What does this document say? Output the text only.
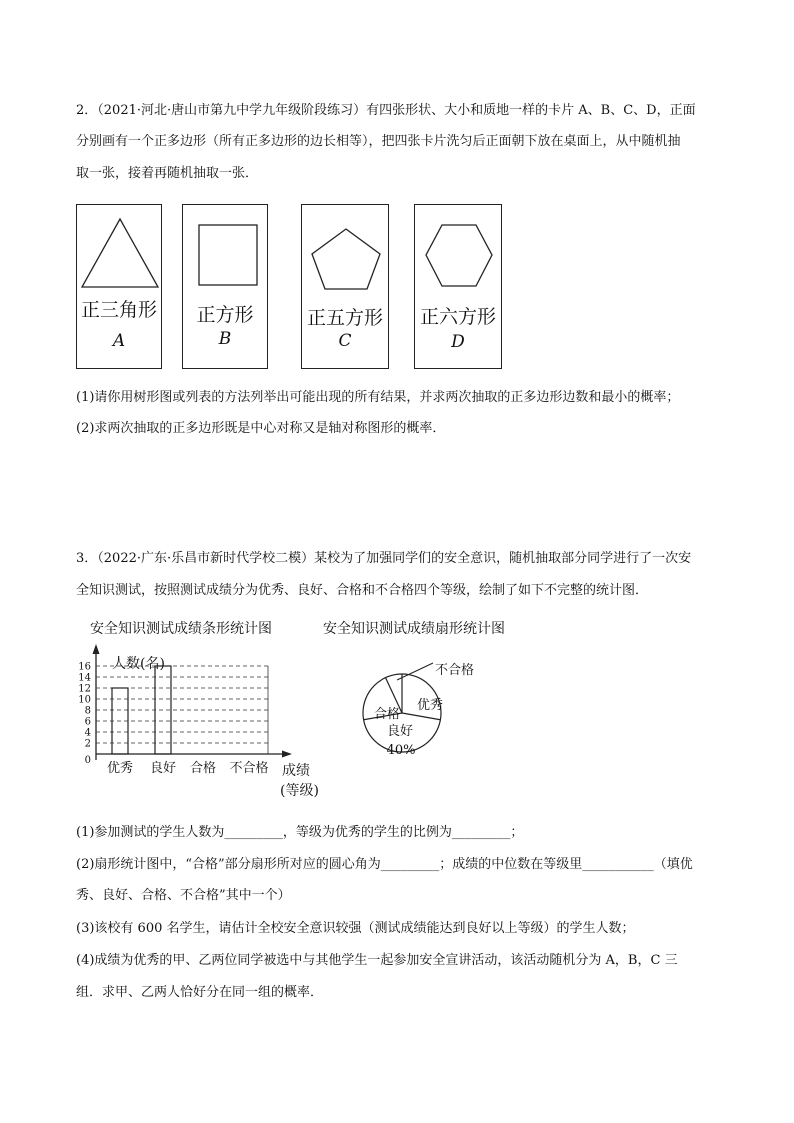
2．（2021·河北·唐山市第九中学九年级阶段练习）有四张形状、大小和质地一样的卡片 A、B、C、D，正面
分别画有一个正多边形（所有正多边形的边长相等），把四张卡片洗匀后正面朝下放在桌面上，从中随机抽
取一张，接着再随机抽取一张．
正三角形
A
正方形
B
正五方形
C
正六方形
D
(1)请你用树形图或列表的方法列举出可能出现的所有结果，并求两次抽取的正多边形边数和最小的概率；
(2)求两次抽取的正多边形既是中心对称又是轴对称图形的概率．
3．（2022·广东·乐昌市新时代学校二模）某校为了加强同学们的安全意识，随机抽取部分同学进行了一次安
全知识测试，按照测试成绩分为优秀、良好、合格和不合格四个等级，绘制了如下不完整的统计图．
安全知识测试成绩条形统计图	安全知识测试成绩扇形统计图
人数(名)
0
2
4
6
8
10
12
14
16
优秀 良好 合格 不合格 成绩
(等级)
不合格
优秀
良好
合格
40%
(1)参加测试的学生人数为_________，等级为优秀的学生的比例为_________；
(2)扇形统计图中，“合格”部分扇形所对应的圆心角为_________；成绩的中位数在等级里___________（填优
秀、良好、合格、不合格”其中一个）
(3)该校有 600 名学生，请估计全校安全意识较强（测试成绩能达到良好以上等级）的学生人数；
(4)成绩为优秀的甲、乙两位同学被选中与其他学生一起参加安全宣讲活动，该活动随机分为 A，B，C 三
组．求甲、乙两人恰好分在同一组的概率．
